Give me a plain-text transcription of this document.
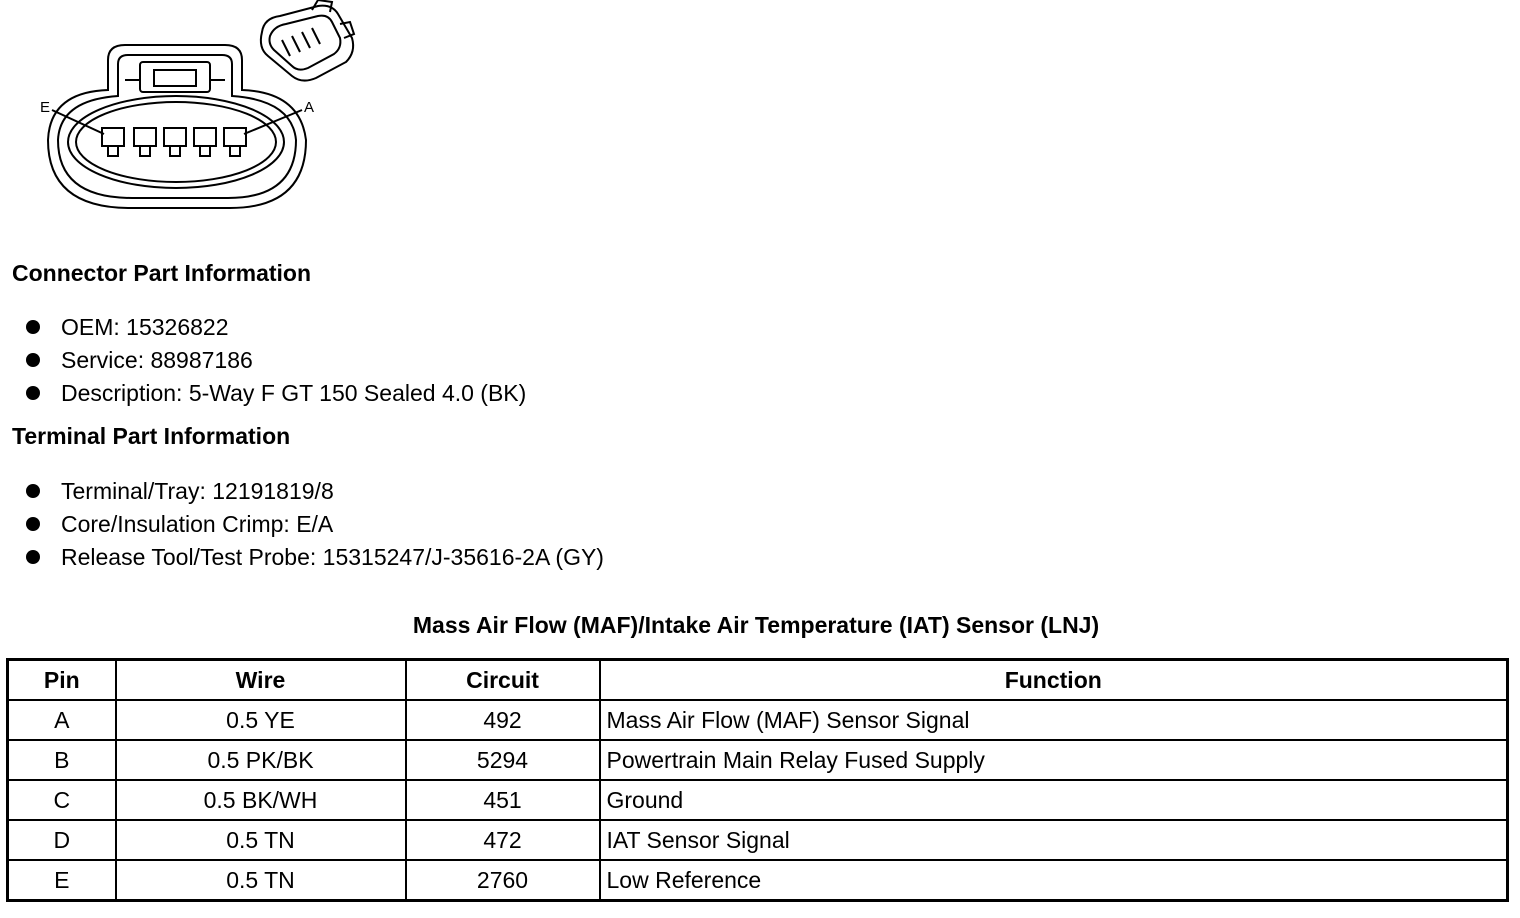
E	A
Connector Part Information
OEM: 15326822
Service: 88987186
Description: 5-Way F GT 150 Sealed 4.0 (BK)
Terminal Part Information
Terminal/Tray: 12191819/8
Core/Insulation Crimp: E/A
Release Tool/Test Probe: 15315247/J-35616-2A (GY)
Mass Air Flow (MAF)/Intake Air Temperature (IAT) Sensor (LNJ)
Pin	Wire	Circuit	Function
A	0.5 YE	492	Mass Air Flow (MAF) Sensor Signal
B	0.5 PK/BK	5294	Powertrain Main Relay Fused Supply
C	0.5 BK/WH	451	Ground
D	0.5 TN	472	IAT Sensor Signal
E	0.5 TN	2760	Low Reference
